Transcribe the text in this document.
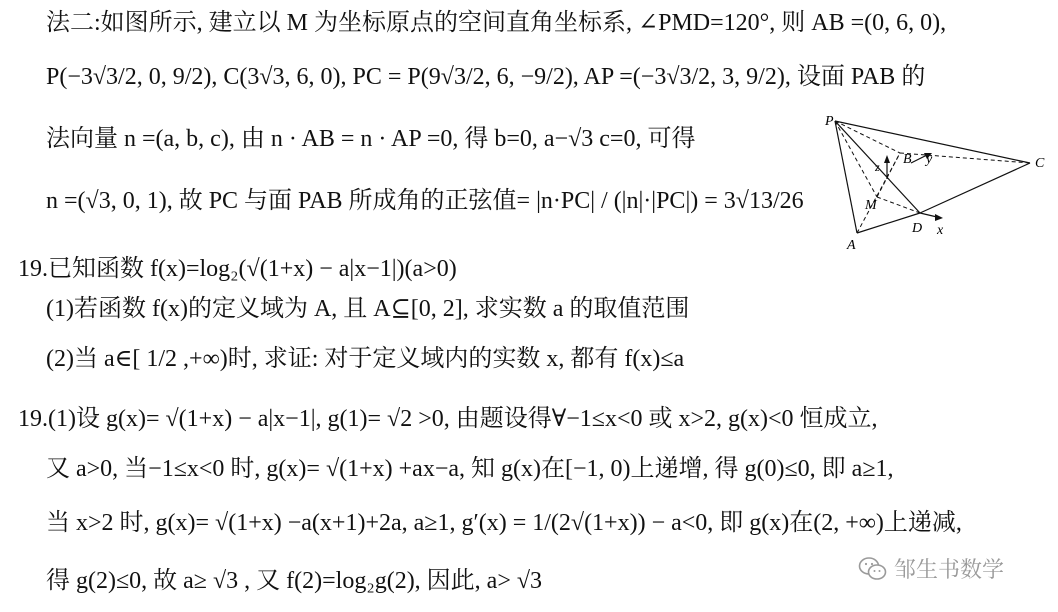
法二:如图所示, 建立以 M 为坐标原点的空间直角坐标系, ∠PMD=120°, 则 AB =(0, 6, 0),
P(−3√3/2, 0, 9/2), C(3√3, 6, 0), PC = P(9√3/2, 6, −9/2), AP =(−3√3/2, 3, 9/2), 设面 PAB 的
法向量 n =(a, b, c), 由 n · AB = n · AP =0, 得 b=0, a−√3 c=0, 可得
n =(√3, 0, 1), 故 PC 与面 PAB 所成角的正弦值= |n·PC| / (|n|·|PC|) = 3√13/26
19.已知函数 f(x)=log₂(√(1+x) − a|x−1|)(a>0)
(1)若函数 f(x)的定义域为 A, 且 A⊆[0, 2], 求实数 a 的取值范围
(2)当 a∈[ 1/2 ,+∞)时, 求证: 对于定义域内的实数 x, 都有 f(x)≤a
19.(1)设 g(x)= √(1+x) − a|x−1|, g(1)= √2 >0, 由题设得∀−1≤x<0 或 x>2, g(x)<0 恒成立,
又 a>0, 当−1≤x<0 时, g(x)= √(1+x) +ax−a, 知 g(x)在[−1, 0)上递增, 得 g(0)≤0, 即 a≥1,
当 x>2 时, g(x)= √(1+x) −a(x+1)+2a, a≥1, g′(x) = 1/(2√(1+x)) − a<0, 即 g(x)在(2, +∞)上递减,
得 g(2)≤0, 故 a≥ √3 , 又 f(2)=log₂g(2), 因此, a> √3
P
B y	C
M
z
A
D x
邹生书数学
